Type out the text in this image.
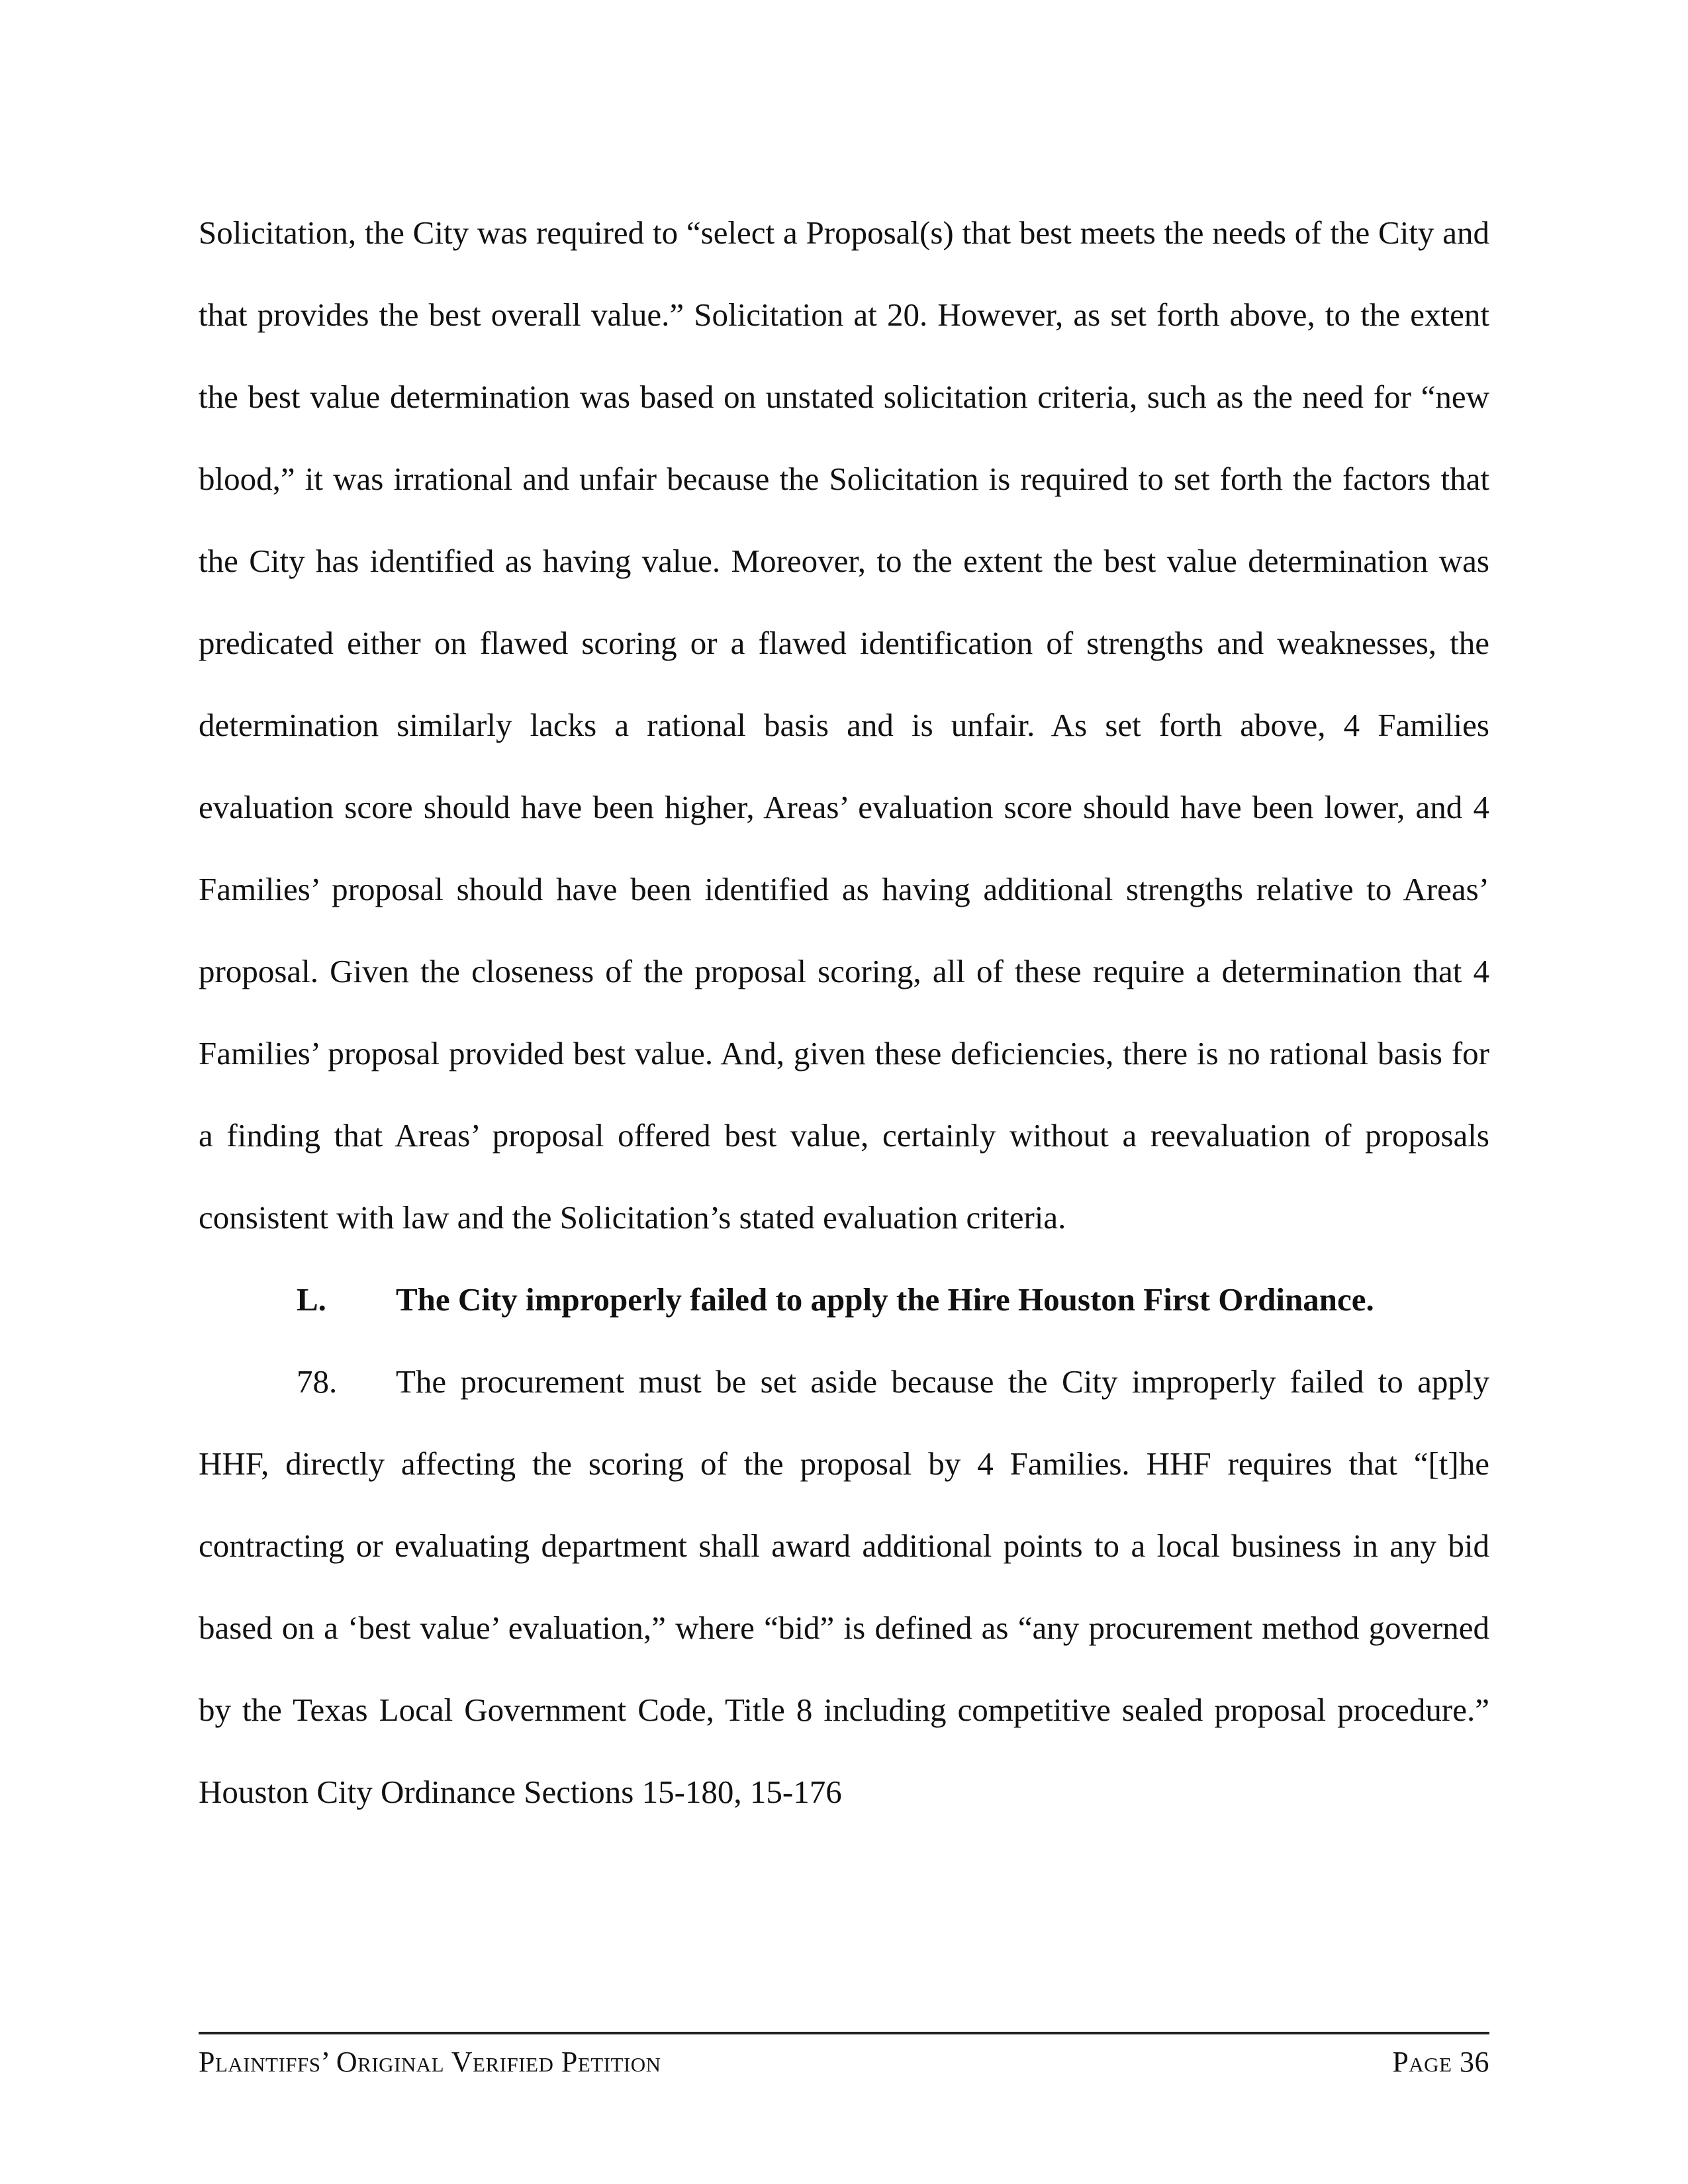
Solicitation, the City was required to “select a Proposal(s) that best meets the needs of the City and that provides the best overall value.” Solicitation at 20. However, as set forth above, to the extent the best value determination was based on unstated solicitation criteria, such as the need for “new blood,” it was irrational and unfair because the Solicitation is required to set forth the factors that the City has identified as having value. Moreover, to the extent the best value determination was predicated either on flawed scoring or a flawed identification of strengths and weaknesses, the determination similarly lacks a rational basis and is unfair. As set forth above, 4 Families evaluation score should have been higher, Areas’ evaluation score should have been lower, and 4 Families’ proposal should have been identified as having additional strengths relative to Areas’ proposal. Given the closeness of the proposal scoring, all of these require a determination that 4 Families’ proposal provided best value. And, given these deficiencies, there is no rational basis for a finding that Areas’ proposal offered best value, certainly without a reevaluation of proposals consistent with law and the Solicitation’s stated evaluation criteria.

L.	The City improperly failed to apply the Hire Houston First Ordinance.

78. The procurement must be set aside because the City improperly failed to apply HHF, directly affecting the scoring of the proposal by 4 Families. HHF requires that “[t]he contracting or evaluating department shall award additional points to a local business in any bid based on a ‘best value’ evaluation,” where “bid” is defined as “any procurement method governed by the Texas Local Government Code, Title 8 including competitive sealed proposal procedure.” Houston City Ordinance Sections 15-180, 15-176

Plaintiffs’ Original Verified Petition	Page 36
